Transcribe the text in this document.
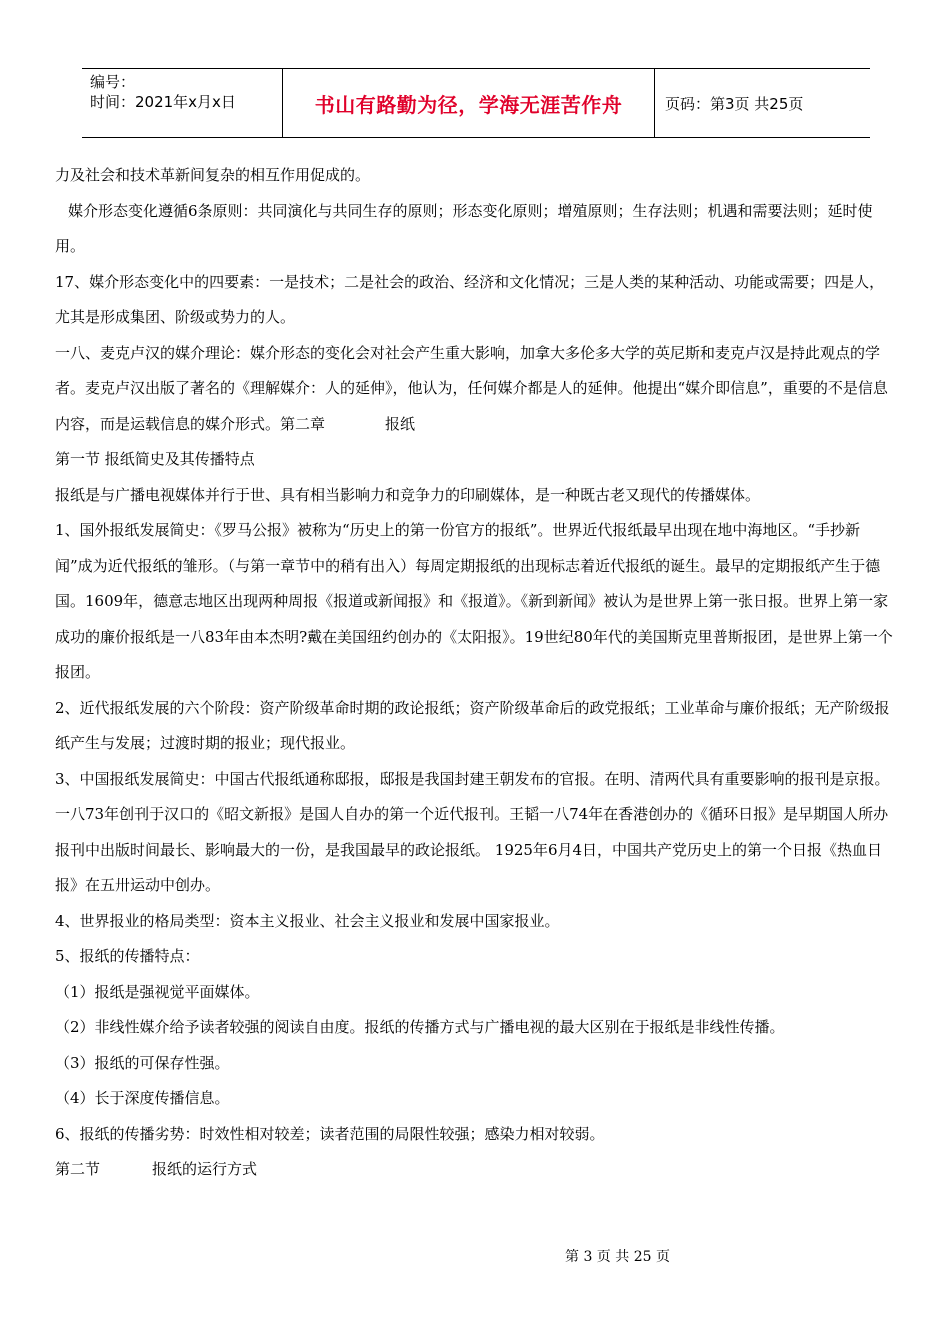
编号：
时间：2021年x月x日	书山有路勤为径，学海无涯苦作舟	页码：第3页 共25页

力及社会和技术革新间复杂的相互作用促成的。

媒介形态变化遵循6条原则：共同演化与共同生存的原则；形态变化原则；增殖原则；生存法则；机遇和需要法则；延时使用。

17、媒介形态变化中的四要素：一是技术；二是社会的政治、经济和文化情况；三是人类的某种活动、功能或需要；四是人，尤其是形成集团、阶级或势力的人。

一八、麦克卢汉的媒介理论：媒介形态的变化会对社会产生重大影响，加拿大多伦多大学的英尼斯和麦克卢汉是持此观点的学者。麦克卢汉出版了著名的《理解媒介：人的延伸》，他认为，任何媒介都是人的延伸。他提出“媒介即信息”，重要的不是信息内容，而是运载信息的媒介形式。第二章	报纸

第一节 报纸简史及其传播特点

报纸是与广播电视媒体并行于世、具有相当影响力和竞争力的印刷媒体，是一种既古老又现代的传播媒体。

1、国外报纸发展简史：《罗马公报》被称为“历史上的第一份官方的报纸”。世界近代报纸最早出现在地中海地区。“手抄新闻”成为近代报纸的雏形。（与第一章节中的稍有出入）每周定期报纸的出现标志着近代报纸的诞生。最早的定期报纸产生于德国。1609年，德意志地区出现两种周报《报道或新闻报》和《报道》。《新到新闻》被认为是世界上第一张日报。世界上第一家成功的廉价报纸是一八83年由本杰明?戴在美国纽约创办的《太阳报》。19世纪80年代的美国斯克里普斯报团，是世界上第一个报团。

2、近代报纸发展的六个阶段：资产阶级革命时期的政论报纸；资产阶级革命后的政党报纸；工业革命与廉价报纸；无产阶级报纸产生与发展；过渡时期的报业；现代报业。

3、中国报纸发展简史：中国古代报纸通称邸报，邸报是我国封建王朝发布的官报。在明、清两代具有重要影响的报刊是京报。一八73年创刊于汉口的《昭文新报》是国人自办的第一个近代报刊。王韬一八74年在香港创办的《循环日报》是早期国人所办报刊中出版时间最长、影响最大的一份，是我国最早的政论报纸。 1925年6月4日，中国共产党历史上的第一个日报《热血日报》在五卅运动中创办。

4、世界报业的格局类型：资本主义报业、社会主义报业和发展中国家报业。

5、报纸的传播特点：

（1）报纸是强视觉平面媒体。

（2）非线性媒介给予读者较强的阅读自由度。报纸的传播方式与广播电视的最大区别在于报纸是非线性传播。

（3）报纸的可保存性强。

（4）长于深度传播信息。

6、报纸的传播劣势：时效性相对较差；读者范围的局限性较强；感染力相对较弱。

第二节	报纸的运行方式

第 3 页 共 25 页
